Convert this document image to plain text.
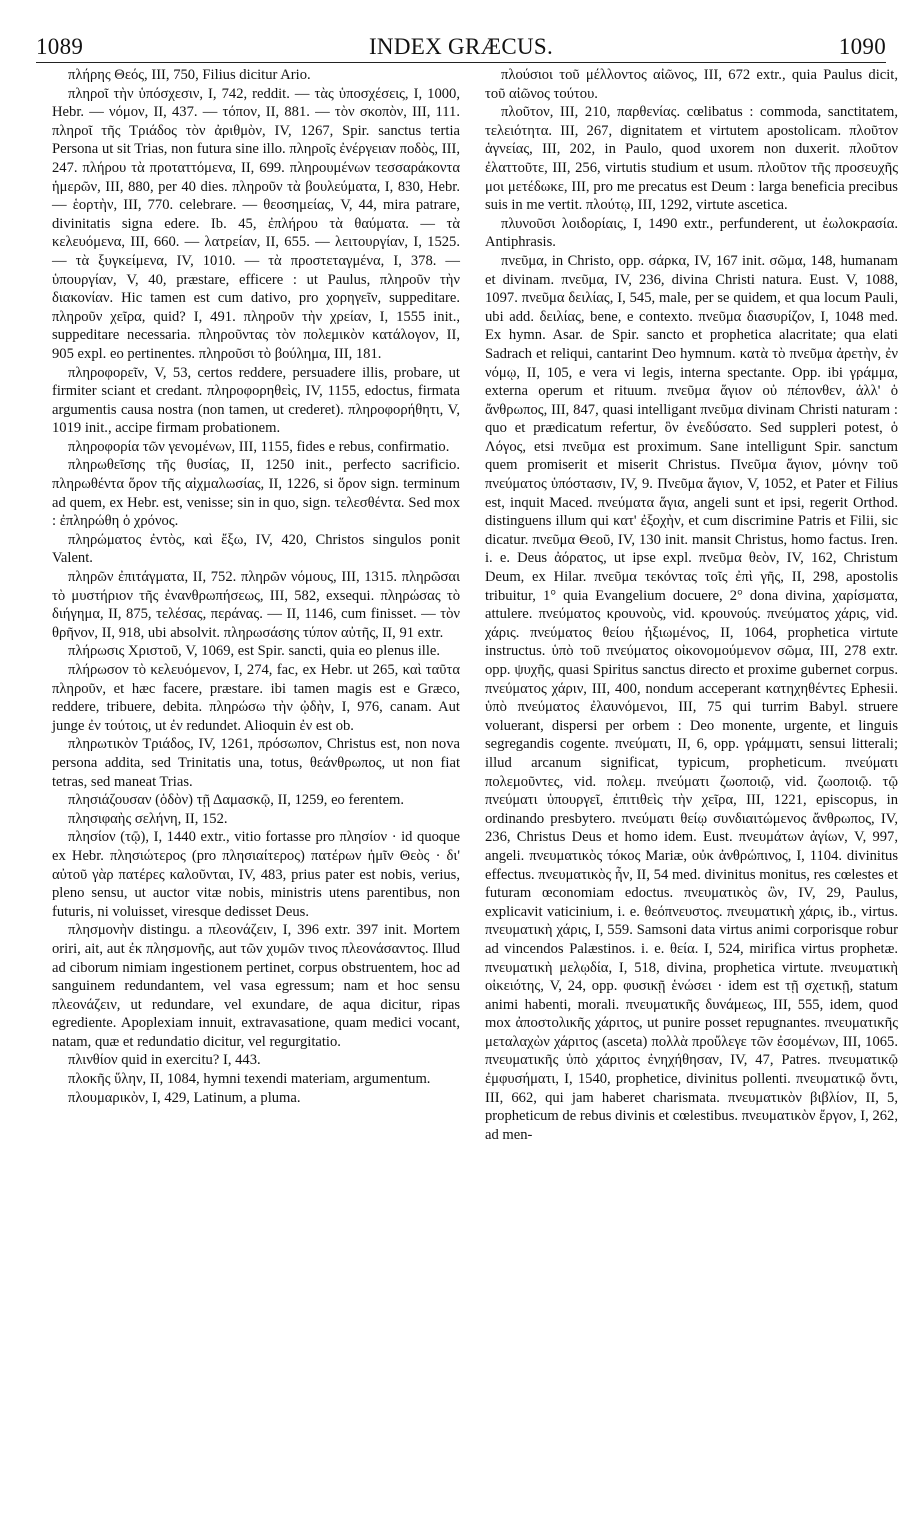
1089	INDEX GRÆCUS.	1090

πλήρης Θεός, III, 750, Filius dicitur Ario.

πληροῖ τὴν ὑπόσχεσιν, I, 742, reddit. — τὰς ὑποσχέσεις, I, 1000, Hebr. — νόμον, II, 437. — τόπον, II, 881. — τὸν σκοπὸν, III, 111. πληροῖ τῆς Τριάδος τὸν ἀριθμὸν, IV, 1267, Spir. sanctus tertia Persona ut sit Trias, non futura sine illo. πληροῖς ἐνέργειαν ποδὸς, III, 247. πλήρου τὰ προταττόμενα, II, 699. πληρουμένων τεσσαράκοντα ἡμερῶν, III, 880, per 40 dies. πληροῦν τὰ βουλεύματα, I, 830, Hebr. — ἑορτὴν, III, 770. celebrare. — θεοσημείας, V, 44, mira patrare, divinitatis signa edere. Ib. 45, ἐπλήρου τὰ θαύματα. — τὰ κελευόμενα, III, 660. — λατρείαν, II, 655. — λειτουργίαν, I, 1525. — τὰ ξυγκείμενα, IV, 1010. — τὰ προστεταγμένα, I, 378. — ὑπουργίαν, V, 40, præstare, efficere : ut Paulus, πληροῦν τὴν διακονίαν. Hic tamen est cum dativo, pro χορηγεῖν, suppeditare. πληροῦν χεῖρα, quid? I, 491. πληροῦν τὴν χρείαν, I, 1555 init., suppeditare necessaria. πληροῦντας τὸν πολεμικὸν κατάλογον, II, 905 expl. eo pertinentes. πληροῦσι τὸ βούλημα, III, 181.

πληροφορεῖν, V, 53, certos reddere, persuadere illis, probare, ut firmiter sciant et credant. πληροφορηθεὶς, IV, 1155, edoctus, firmata argumentis causa nostra (non tamen, ut crederet). πληροφορήθητι, V, 1019 init., accipe firmam probationem.

πληροφορία τῶν γενομένων, III, 1155, fides e rebus, confirmatio.

πληρωθεῖσης τῆς θυσίας, II, 1250 init., perfecto sacrificio. πληρωθέντα ὅρον τῆς αἰχμαλωσίας, II, 1226, si ὅρον sign. terminum ad quem, ex Hebr. est, venisse; sin in quo, sign. τελεσθέντα. Sed mox : ἐπληρώθη ὁ χρόνος.

πληρώματος ἐντὸς, καὶ ἔξω, IV, 420, Christos singulos ponit Valent.

πληρῶν ἐπιτάγματα, II, 752. πληρῶν νόμους, III, 1315. πληρῶσαι τὸ μυστήριον τῆς ἐνανθρωπήσεως, III, 582, exsequi. πληρώσας τὸ διήγημα, II, 875, τελέσας, περάνας. — II, 1146, cum finisset. — τὸν θρῆνον, II, 918, ubi absolvit. πληρωσάσης τύπον αὐτῆς, II, 91 extr.

πλήρωσις Χριστοῦ, V, 1069, est Spir. sancti, quia eo plenus ille.

πλήρωσον τὸ κελευόμενον, I, 274, fac, ex Hebr. ut 265, καὶ ταῦτα πληροῦν, et hæc facere, præstare. ibi tamen magis est e Græco, reddere, tribuere, debita. πληρώσω τὴν ᾠδὴν, I, 976, canam. Aut junge ἐν τούτοις, ut ἐν redundet. Alioquin ἐν est ob.

πληρωτικὸν Τριάδος, IV, 1261, πρόσωπον, Christus est, non nova persona addita, sed Trinitatis una, totus, θεάνθρωπος, ut non fiat tetras, sed maneat Trias.

πλησιάζουσαν (ὁδὸν) τῇ Δαμασκῷ, II, 1259, eo ferentem.

πλησιφαὴς σελήνη, II, 152.

πλησίον (τῷ), I, 1440 extr., vitio fortasse pro πλησίον · id quoque ex Hebr. πλησιώτερος (pro πλησιαίτερος) πατέρων ἡμῖν Θεὸς · δι' αὐτοῦ γὰρ πατέρες καλοῦνται, IV, 483, prius pater est nobis, verius, pleno sensu, ut auctor vitæ nobis, ministris utens parentibus, non futuris, ni voluisset, viresque dedisset Deus.

πλησμονὴν distingu. a πλεονάζειν, I, 396 extr. 397 init. Mortem oriri, ait, aut ἐκ πλησμονῆς, aut τῶν χυμῶν τινος πλεονάσαντος. Illud ad ciborum nimiam ingestionem pertinet, corpus obstruentem, hoc ad sanguinem redundantem, vel vasa egressum; nam et hoc sensu πλεονάζειν, ut redundare, vel exundare, de aqua dicitur, ripas egrediente. Apoplexiam innuit, extravasatione, quam medici vocant, natam, quæ et redundatio dicitur, vel regurgitatio.

πλινθίον quid in exercitu? I, 443.

πλοκῆς ὕλην, II, 1084, hymni texendi materiam, argumentum.

πλουμαρικὸν, I, 429, Latinum, a pluma.

πλούσιοι τοῦ μέλλοντος αἰῶνος, III, 672 extr., quia Paulus dicit, τοῦ αἰῶνος τούτου.

πλοῦτον, III, 210, παρθενίας. cœlibatus : commoda, sanctitatem, τελειότητα. III, 267, dignitatem et virtutem apostolicam. πλοῦτον ἁγνείας, III, 202, in Paulo, quod uxorem non duxerit. πλοῦτον ἐλαττοῦτε, III, 256, virtutis studium et usum. πλοῦτον τῆς προσευχῆς μοι μετέδωκε, III, pro me precatus est Deum : larga beneficia precibus suis in me vertit. πλούτῳ, III, 1292, virtute ascetica.

πλυνοῦσι λοιδορίαις, I, 1490 extr., perfunderent, ut ἐωλοκρασία. Antiphrasis.

πνεῦμα, in Christo, opp. σάρκα, IV, 167 init. σῶμα, 148, humanam et divinam. πνεῦμα, IV, 236, divina Christi natura. Eust. V, 1088, 1097. πνεῦμα δειλίας, I, 545, male, per se quidem, et qua locum Pauli, ubi add. δειλίας, bene, e contexto. πνεῦμα διασυρίζον, I, 1048 med. Ex hymn. Asar. de Spir. sancto et prophetica alacritate; qua elati Sadrach et reliqui, cantarint Deo hymnum. κατὰ τὸ πνεῦμα ἀρετὴν, ἐν νόμῳ, II, 105, e vera vi legis, interna spectante. Opp. ibi γράμμα, externa operum et rituum. πνεῦμα ἅγιον οὐ πέπονθεν, ἀλλ' ὁ ἄνθρωπος, III, 847, quasi intelligant πνεῦμα divinam Christi naturam : quo et prædicatum refertur, ὃν ἐνεδύσατο. Sed suppleri potest, ὁ Λόγος, etsi πνεῦμα est proximum. Sane intelligunt Spir. sanctum quem promiserit et miserit Christus. Πνεῦμα ἅγιον, μόνην τοῦ πνεύματος ὑπόστασιν, IV, 9. Πνεῦμα ἅγιον, V, 1052, et Pater et Filius est, inquit Maced. πνεύματα ἅγια, angeli sunt et ipsi, regerit Orthod. distinguens illum qui κατ' ἐξοχὴν, et cum discrimine Patris et Filii, sic dicatur. πνεῦμα Θεοῦ, IV, 130 init. mansit Christus, homo factus. Iren. i. e. Deus ἀόρατος, ut ipse expl. πνεῦμα θεὸν, IV, 162, Christum Deum, ex Hilar. πνεῦμα τεκόντας τοῖς ἐπὶ γῆς, II, 298, apostolis tribuitur, 1° quia Evangelium docuere, 2° dona divina, χαρίσματα, attulere. πνεύματος κρουνοὺς, vid. κρουνούς. πνεύματος χάρις, vid. χάρις. πνεύματος θείου ἠξιωμένος, II, 1064, prophetica virtute instructus. ὑπὸ τοῦ πνεύματος οἰκονομούμενον σῶμα, III, 278 extr. opp. ψυχῆς, quasi Spiritus sanctus directo et proxime gubernet corpus. πνεύματος χάριν, III, 400, nondum acceperant κατηχηθέντες Ephesii. ὑπὸ πνεύματος ἐλαυνόμενοι, III, 75 qui turrim Babyl. struere voluerant, dispersi per orbem : Deo monente, urgente, et linguis segregandis cogente. πνεύματι, II, 6, opp. γράμματι, sensui litterali; illud arcanum significat, typicum, propheticum. πνεύματι πολεμοῦντες, vid. πολεμ. πνεύματι ζωοποιῷ, vid. ζωοποιῷ. τῷ πνεύματι ὑπουργεῖ, ἐπιτιθεὶς τὴν χεῖρα, III, 1221, episcopus, in ordinando presbytero. πνεύματι θείῳ συνδιαιτώμενος ἄνθρωπος, IV, 236, Christus Deus et homo idem. Eust. πνευμάτων ἁγίων, V, 997, angeli. πνευματικὸς τόκος Mariæ, οὐκ ἀνθρώπινος, I, 1104. divinitus effectus. πνευματικὸς ἦν, II, 54 med. divinitus monitus, res cœlestes et futuram œconomiam edoctus. πνευματικὸς ὢν, IV, 29, Paulus, explicavit vaticinium, i. e. θεόπνευστος. πνευματικὴ χάρις, ib., virtus. πνευματικὴ χάρις, I, 559. Samsoni data virtus animi corporisque robur ad vincendos Palæstinos. i. e. θεία. I, 524, mirifica virtus prophetæ. πνευματικὴ μελῳδία, I, 518, divina, prophetica virtute. πνευματικὴ οἰκειότης, V, 24, opp. φυσικῇ ἑνώσει · idem est τῇ σχετικῇ, statum animi habenti, morali. πνευματικῆς δυνάμεως, III, 555, idem, quod mox ἀποστολικῆς χάριτος, ut punire posset repugnantes. πνευματικῆς μεταλαχὼν χάριτος (asceta) πολλὰ προὔλεγε τῶν ἐσομένων, III, 1065. πνευματικῆς ὑπὸ χάριτος ἐνηχήθησαν, IV, 47, Patres. πνευματικῷ ἐμφυσήματι, I, 1540, prophetice, divinitus pollenti. πνευματικῷ ὄντι, III, 662, qui jam haberet charismata. πνευματικὸν βιβλίον, II, 5, propheticum de rebus divinis et cœlestibus. πνευματικὸν ἔργον, I, 262, ad men-
